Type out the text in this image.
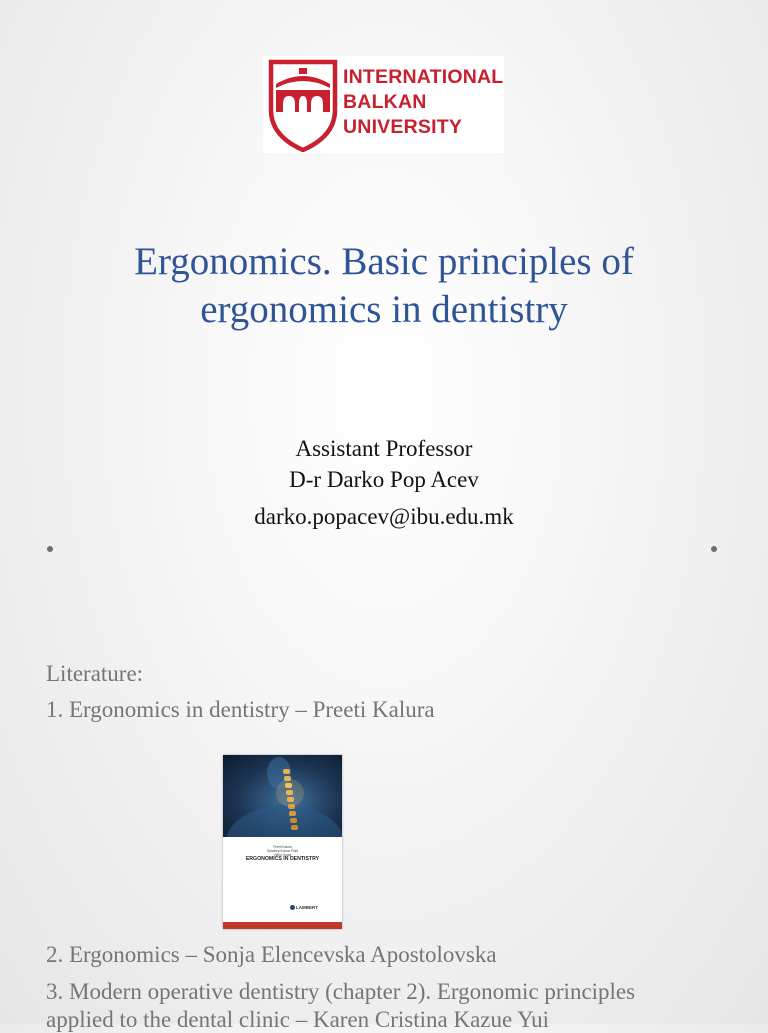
INTERNATIONAL
BALKAN
UNIVERSITY
Ergonomics. Basic principles of
ergonomics in dentistry
Assistant Professor
D-r Darko Pop Acev
darko.popacev@ibu.edu.mk
Literature:
1. Ergonomics in dentistry – Preeti Kalura
Preeti Kalura
Sandeep Kumar Puthi
Vidhu Gupta
ERGONOMICS IN DENTISTRY
LAMBERT
2. Ergonomics – Sonja Elencevska Apostolovska
3. Modern operative dentistry (chapter 2). Ergonomic principles
applied to the dental clinic – Karen Cristina Kazue Yui
